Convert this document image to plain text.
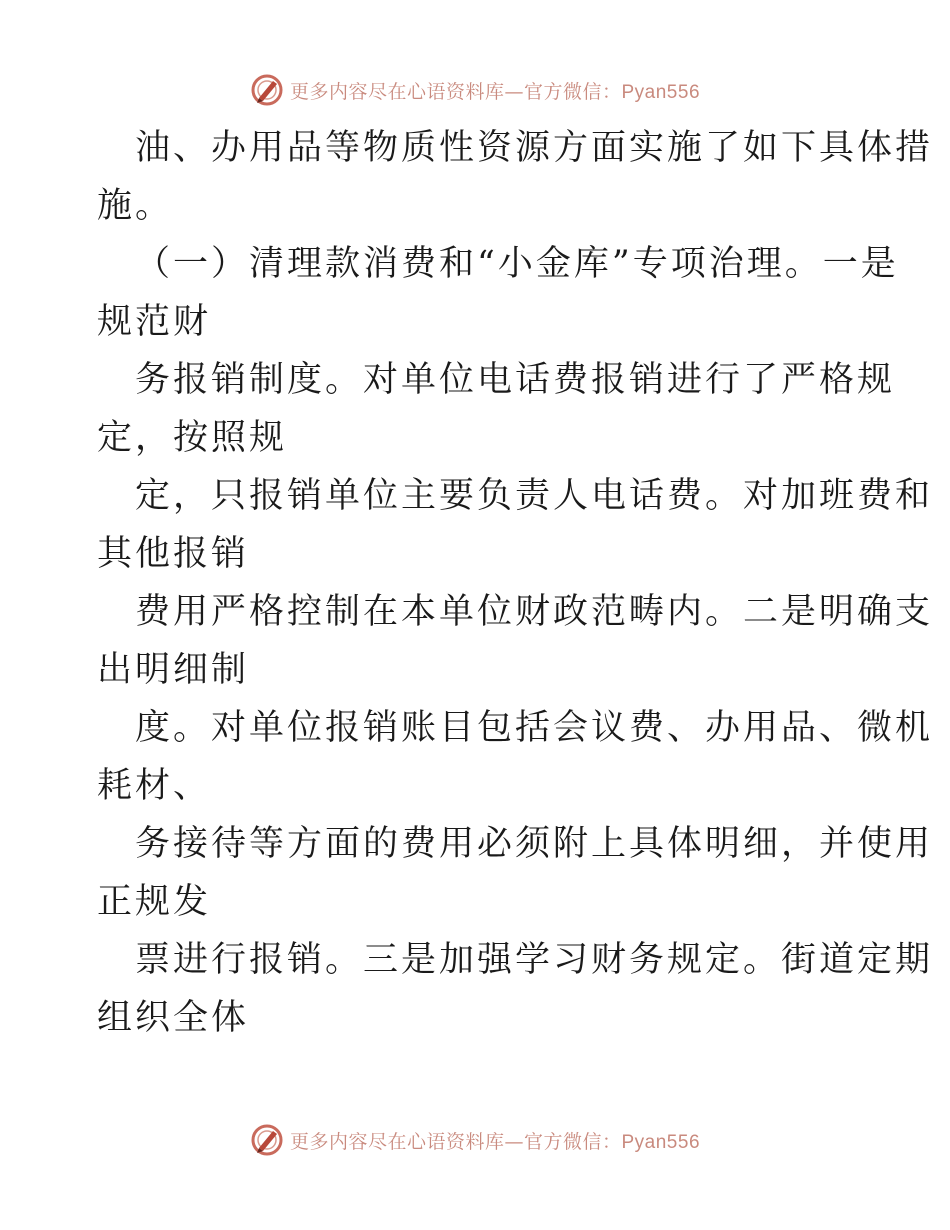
更多内容尽在心语资料库—官方微信：Pyan556
油、办用品等物质性资源方面实施了如下具体措
施。
（一）清理款消费和“小金库”专项治理。一是
规范财
务报销制度。对单位电话费报销进行了严格规
定，按照规
定，只报销单位主要负责人电话费。对加班费和
其他报销
费用严格控制在本单位财政范畴内。二是明确支
出明细制
度。对单位报销账目包括会议费、办用品、微机
耗材、
务接待等方面的费用必须附上具体明细，并使用
正规发
票进行报销。三是加强学习财务规定。街道定期
组织全体
更多内容尽在心语资料库—官方微信：Pyan556
